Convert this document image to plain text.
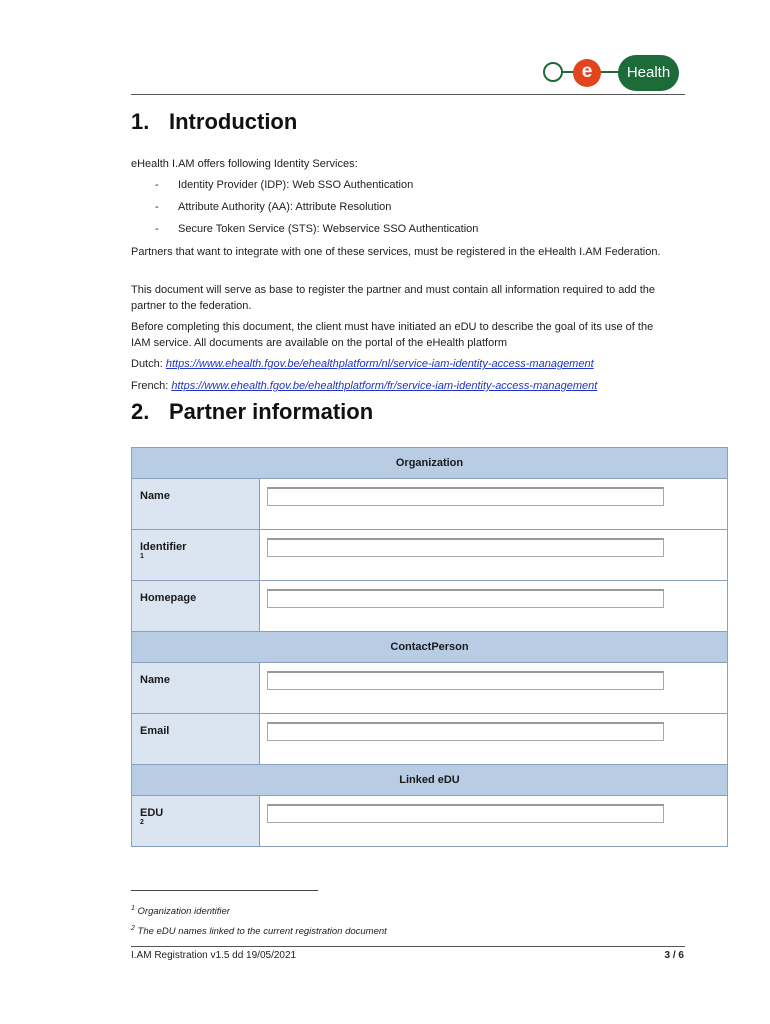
e	Health
1. Introduction

eHealth I.AM offers following Identity Services:

- Identity Provider (IDP): Web SSO Authentication
- Attribute Authority (AA): Attribute Resolution
- Secure Token Service (STS): Webservice SSO Authentication

Partners that want to integrate with one of these services, must be registered in the eHealth I.AM Federation.

This document will serve as base to register the partner and must contain all information required to add the partner to the federation.

Before completing this document, the client must have initiated an eDU to describe the goal of its use of the IAM service. All documents are available on the portal of the eHealth platform

Dutch: https://www.ehealth.fgov.be/ehealthplatform/nl/service-iam-identity-access-management

French: https://www.ehealth.fgov.be/ehealthplatform/fr/service-iam-identity-access-management

2. Partner information
Organization	

Name

Identifier
$^1$

Homepage

ContactPerson	

Name

Email

Linked eDU	

EDU
$^2$

$^1$ Organization identifier
$^2$ The eDU names linked to the current registration document
I.AM Registration v1.5 dd 19/05/2021	3 / 6
